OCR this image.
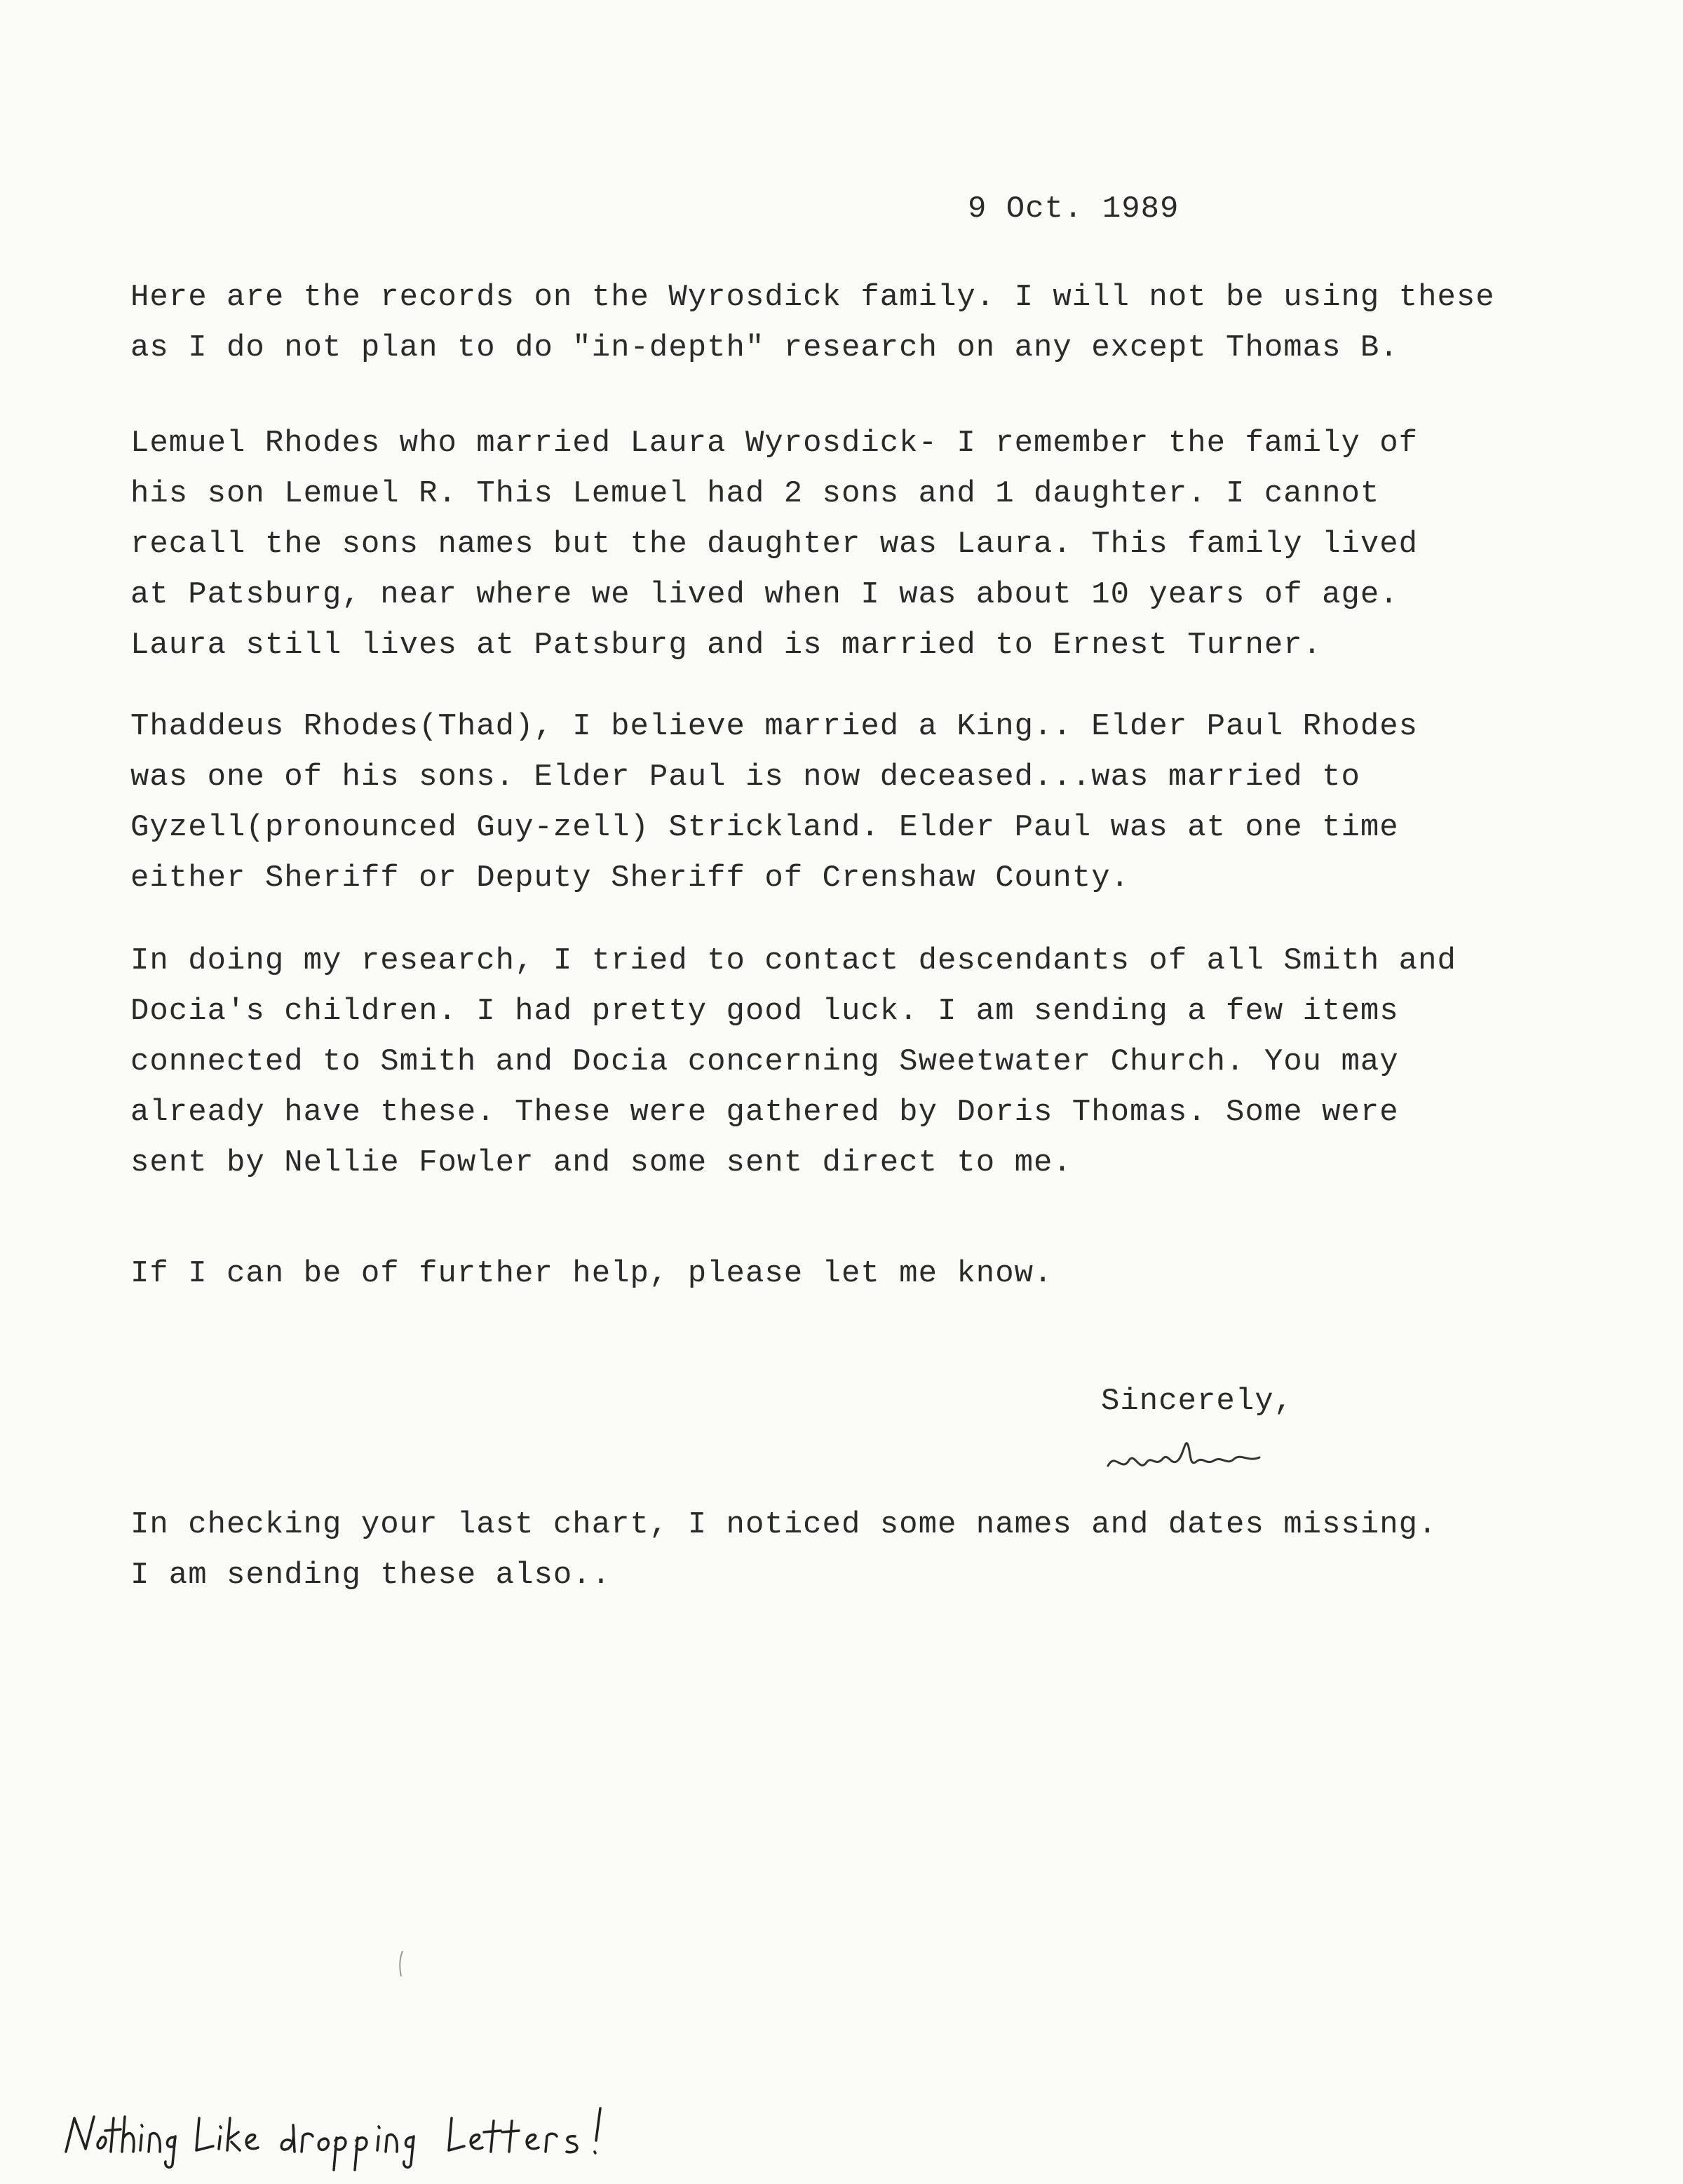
9 Oct. 1989
Here are the records on the Wyrosdick family. I will not be using these
as I do not plan to do "in-depth" research on any except Thomas B.
Lemuel Rhodes who married Laura Wyrosdick- I remember the family of
his son Lemuel R. This Lemuel had 2 sons and 1 daughter. I cannot
recall the sons names but the daughter was Laura. This family lived
at Patsburg, near where we lived when I was about 10 years of age.
Laura still lives at Patsburg and is married to Ernest Turner.
Thaddeus Rhodes(Thad), I believe married a King.. Elder Paul Rhodes
was one of his sons. Elder Paul is now deceased...was married to
Gyzell(pronounced Guy-zell) Strickland. Elder Paul was at one time
either Sheriff or Deputy Sheriff of Crenshaw County.
In doing my research, I tried to contact descendants of all Smith and
Docia's children. I had pretty good luck. I am sending a few items
connected to Smith and Docia concerning Sweetwater Church. You may
already have these. These were gathered by Doris Thomas. Some were
sent by Nellie Fowler and some sent direct to me.
If I can be of further help, please let me know.
Sincerely,
In checking your last chart, I noticed some names and dates missing.
I am sending these also..
